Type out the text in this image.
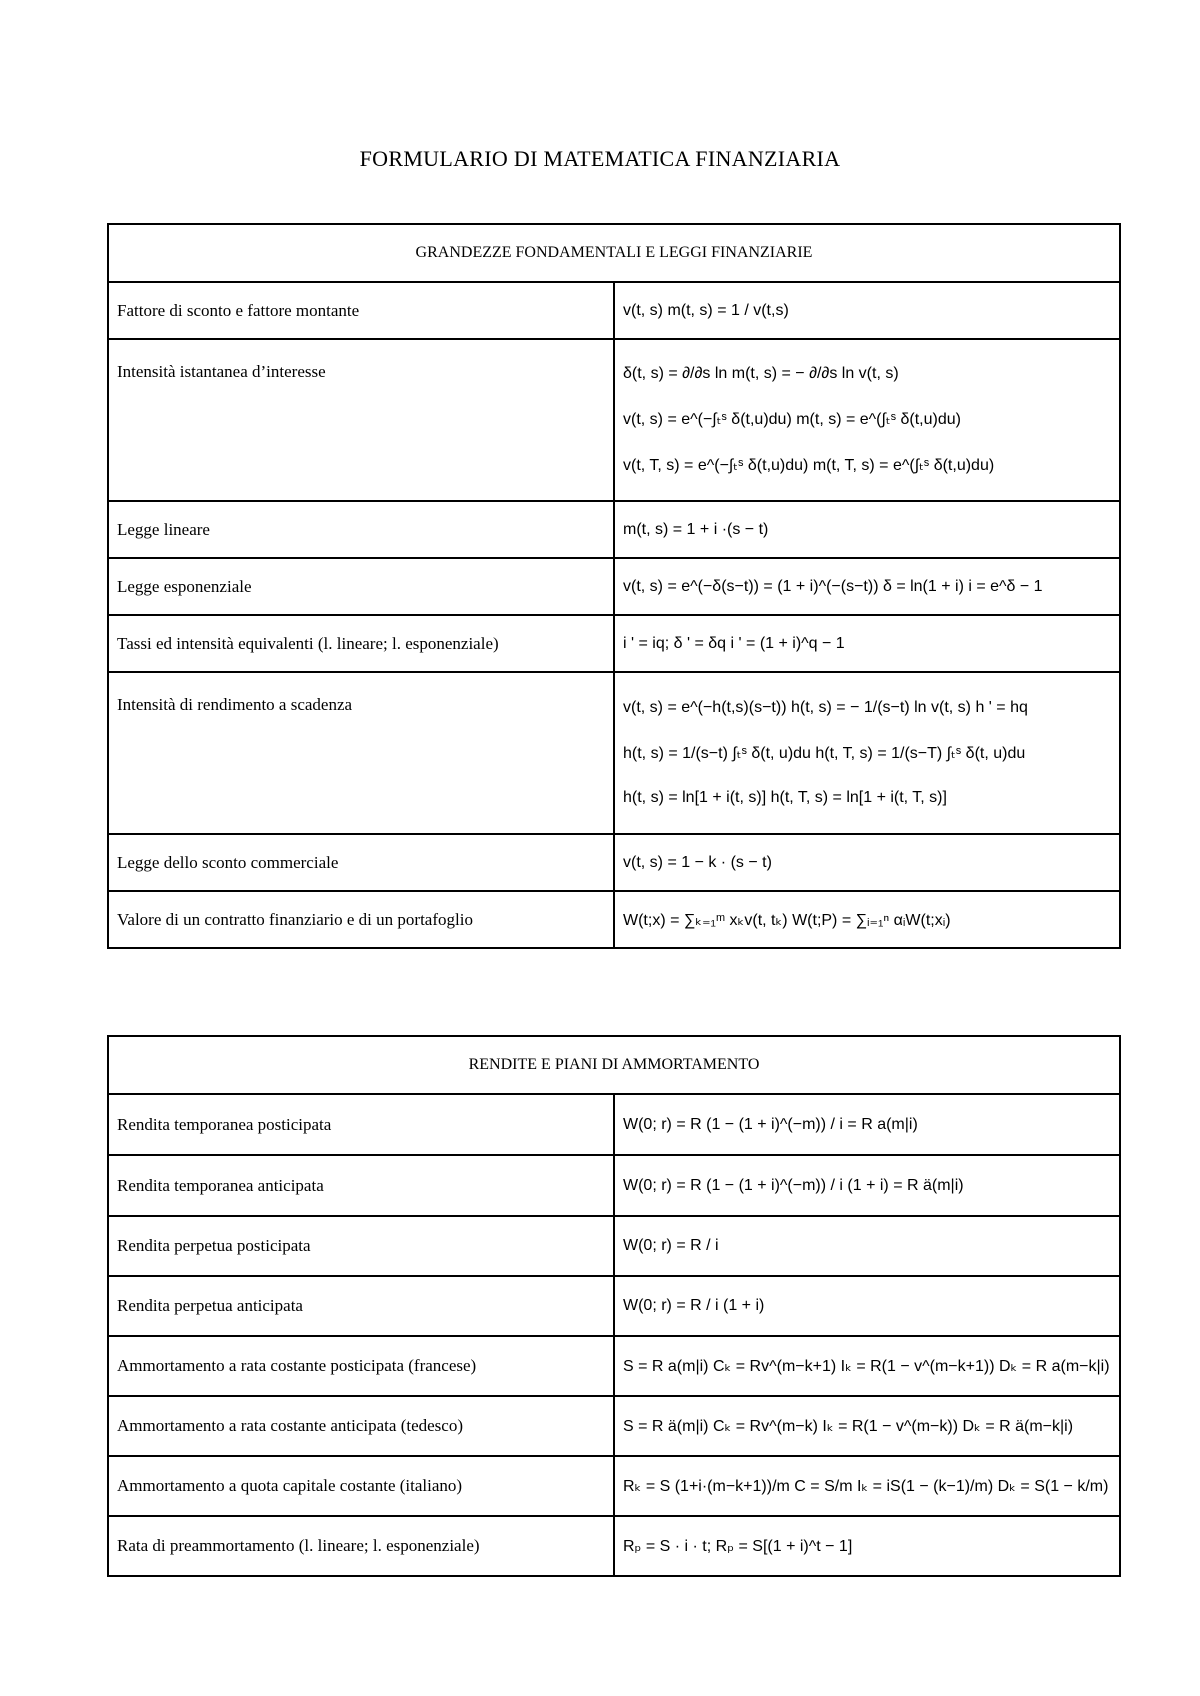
FORMULARIO DI MATEMATICA FINANZIARIA
GRANDEZZE FONDAMENTALI E LEGGI FINANZIARIE	
Fattore di sconto e fattore montante	v(t, s) m(t, s) = 1 / v(t,s)

Intensità istantanea d’interesse	δ(t, s) = ∂/∂s ln m(t, s) = − ∂/∂s ln v(t, s)
v(t, s) = e^(−∫ₜˢ δ(t,u)du) m(t, s) = e^(∫ₜˢ δ(t,u)du)
v(t, T, s) = e^(−∫ₜˢ δ(t,u)du) m(t, T, s) = e^(∫ₜˢ δ(t,u)du)

Legge lineare	m(t, s) = 1 + i ·(s − t)

Legge esponenziale	v(t, s) = e^(−δ(s−t)) = (1 + i)^(−(s−t)) δ = ln(1 + i) i = e^δ − 1

Tassi ed intensità equivalenti (l. lineare; l. esponenziale)	i ' = iq; δ ' = δq i ' = (1 + i)^q − 1

Intensità di rendimento a scadenza	v(t, s) = e^(−h(t,s)(s−t)) h(t, s) = − 1/(s−t) ln v(t, s) h ' = hq
h(t, s) = 1/(s−t) ∫ₜˢ δ(t, u)du h(t, T, s) = 1/(s−T) ∫ₜˢ δ(t, u)du
h(t, s) = ln[1 + i(t, s)] h(t, T, s) = ln[1 + i(t, T, s)]

Legge dello sconto commerciale	v(t, s) = 1 − k · (s − t)

Valore di un contratto finanziario e di un portafoglio	W(t;x) = ∑ₖ₌₁ᵐ xₖv(t, tₖ) W(t;P) = ∑ᵢ₌₁ⁿ αᵢW(t;xᵢ)
RENDITE E PIANI DI AMMORTAMENTO	
Rendita temporanea posticipata	W(0; r) = R (1 − (1 + i)^(−m)) / i = R a(m|i)

Rendita temporanea anticipata	W(0; r) = R (1 − (1 + i)^(−m)) / i (1 + i) = R ä(m|i)

Rendita perpetua posticipata	W(0; r) = R / i

Rendita perpetua anticipata	W(0; r) = R / i (1 + i)

Ammortamento a rata costante posticipata (francese)	S = R a(m|i) Cₖ = Rv^(m−k+1) Iₖ = R(1 − v^(m−k+1)) Dₖ = R a(m−k|i)

Ammortamento a rata costante anticipata (tedesco)	S = R ä(m|i) Cₖ = Rv^(m−k) Iₖ = R(1 − v^(m−k)) Dₖ = R ä(m−k|i)

Ammortamento a quota capitale costante (italiano)	Rₖ = S (1+i·(m−k+1))/m C = S/m Iₖ = iS(1 − (k−1)/m) Dₖ = S(1 − k/m)

Rata di preammortamento (l. lineare; l. esponenziale)	Rₚ = S · i · t; Rₚ = S[(1 + i)^t − 1]
